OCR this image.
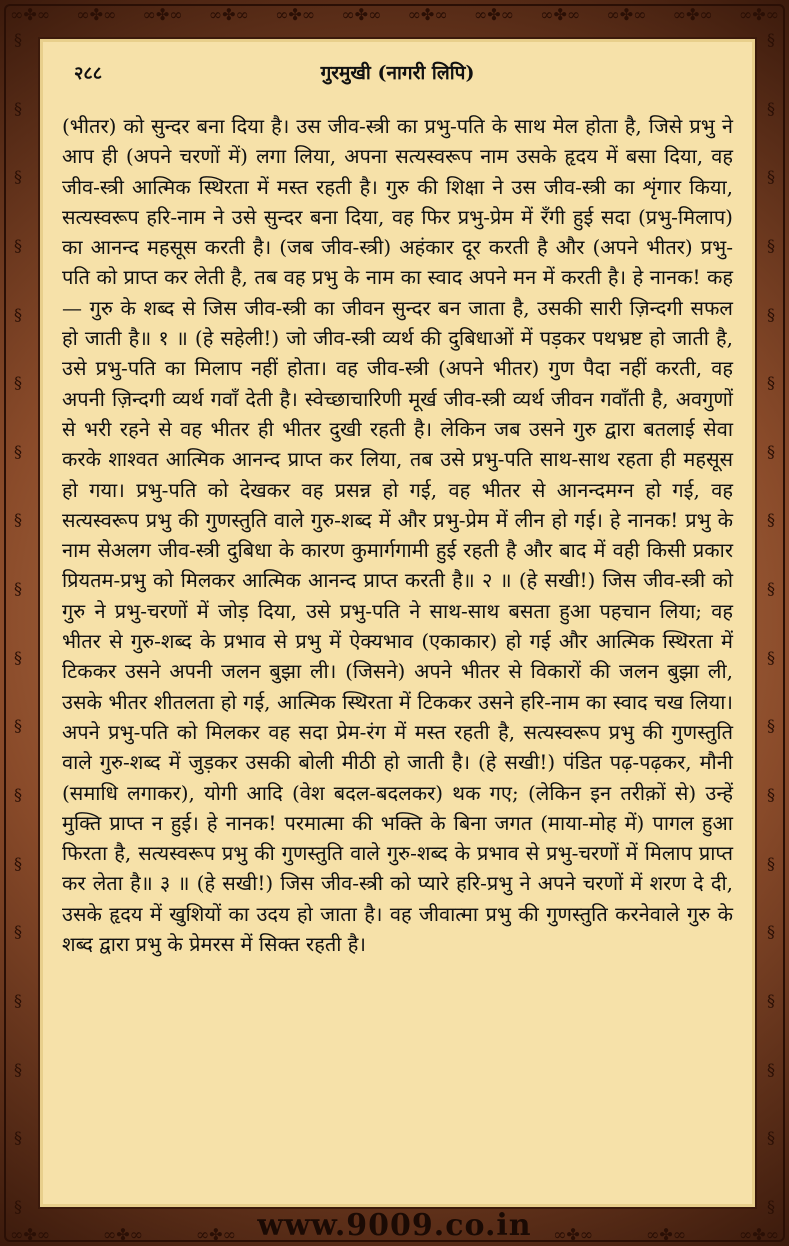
∞✤∞ ∞✤∞ ∞✤∞ ∞✤∞ ∞✤∞ ∞✤∞ ∞✤∞ ∞✤∞ ∞✤∞ ∞✤∞ ∞✤∞ ∞✤∞
∞✤∞	∞✤∞	∞✤∞	∞✤∞	∞✤∞	∞✤∞
§
§
§
§
§
§
§
§
§
§
§
§
§
§
§
§
§
§
§
§
§
§
§
§
§
§
§
§
§
§
§
§
§
§
§
§
२८८	गुरमुखी (नागरी लिपि)
(भीतर) को सुन्दर बना दिया है। उस जीव-स्त्री का प्रभु-पति के साथ मेल होता है, जिसे प्रभु ने आप ही (अपने चरणों में) लगा लिया, अपना सत्यस्वरूप नाम उसके हृदय में बसा दिया, वह जीव-स्त्री आत्मिक स्थिरता में मस्त रहती है। गुरु की शिक्षा ने उस जीव-स्त्री का शृंगार किया, सत्यस्वरूप हरि-नाम ने उसे सुन्दर बना दिया, वह फिर प्रभु-प्रेम में रँगी हुई सदा (प्रभु-मिलाप) का आनन्द महसूस करती है। (जब जीव-स्त्री) अहंकार दूर करती है और (अपने भीतर) प्रभु-पति को प्राप्त कर लेती है, तब वह प्रभु के नाम का स्वाद अपने मन में करती है। हे नानक! कह— गुरु के शब्द से जिस जीव-स्त्री का जीवन सुन्दर बन जाता है, उसकी सारी ज़िन्दगी सफल हो जाती है॥ १ ॥ (हे सहेली!) जो जीव-स्त्री व्यर्थ की दुबिधाओं में पड़कर पथभ्रष्ट हो जाती है, उसे प्रभु-पति का मिलाप नहीं होता। वह जीव-स्त्री (अपने भीतर) गुण पैदा नहीं करती, वह अपनी ज़िन्दगी व्यर्थ गवाँ देती है। स्वेच्छाचारिणी मूर्ख जीव-स्त्री व्यर्थ जीवन गवाँती है, अवगुणों से भरी रहने से वह भीतर ही भीतर दुखी रहती है। लेकिन जब उसने गुरु द्वारा बतलाई सेवा करके शाश्वत आत्मिक आनन्द प्राप्त कर लिया, तब उसे प्रभु-पति साथ-साथ रहता ही महसूस हो गया। प्रभु-पति को देखकर वह प्रसन्न हो गई, वह भीतर से आनन्दमग्न हो गई, वह सत्यस्वरूप प्रभु की गुणस्तुति वाले गुरु-शब्द में और प्रभु-प्रेम में लीन हो गई। हे नानक! प्रभु के नाम सेअलग जीव-स्त्री दुबिधा के कारण कुमार्गगामी हुई रहती है और बाद में वही किसी प्रकार प्रियतम-प्रभु को मिलकर आत्मिक आनन्द प्राप्त करती है॥ २ ॥ (हे सखी!) जिस जीव-स्त्री को गुरु ने प्रभु-चरणों में जोड़ दिया, उसे प्रभु-पति ने साथ-साथ बसता हुआ पहचान लिया; वह भीतर से गुरु-शब्द के प्रभाव से प्रभु में ऐक्यभाव (एकाकार) हो गई और आत्मिक स्थिरता में टिककर उसने अपनी जलन बुझा ली। (जिसने) अपने भीतर से विकारों की जलन बुझा ली, उसके भीतर शीतलता हो गई, आत्मिक स्थिरता में टिककर उसने हरि-नाम का स्वाद चख लिया। अपने प्रभु-पति को मिलकर वह सदा प्रेम-रंग में मस्त रहती है, सत्यस्वरूप प्रभु की गुणस्तुति वाले गुरु-शब्द में जुड़कर उसकी बोली मीठी हो जाती है। (हे सखी!) पंडित पढ़-पढ़कर, मौनी (समाधि लगाकर), योगी आदि (वेश बदल-बदलकर) थक गए; (लेकिन इन तरीक़ों से) उन्हें मुक्ति प्राप्त न हुई। हे नानक! परमात्मा की भक्ति के बिना जगत (माया-मोह में) पागल हुआ फिरता है, सत्यस्वरूप प्रभु की गुणस्तुति वाले गुरु-शब्द के प्रभाव से प्रभु-चरणों में मिलाप प्राप्त कर लेता है॥ ३ ॥ (हे सखी!) जिस जीव-स्त्री को प्यारे हरि-प्रभु ने अपने चरणों में शरण दे दी, उसके हृदय में खुशियों का उदय हो जाता है। वह जीवात्मा प्रभु की गुणस्तुति करनेवाले गुरु के शब्द द्वारा प्रभु के प्रेमरस में सिक्त रहती है।
www.9009.co.in
